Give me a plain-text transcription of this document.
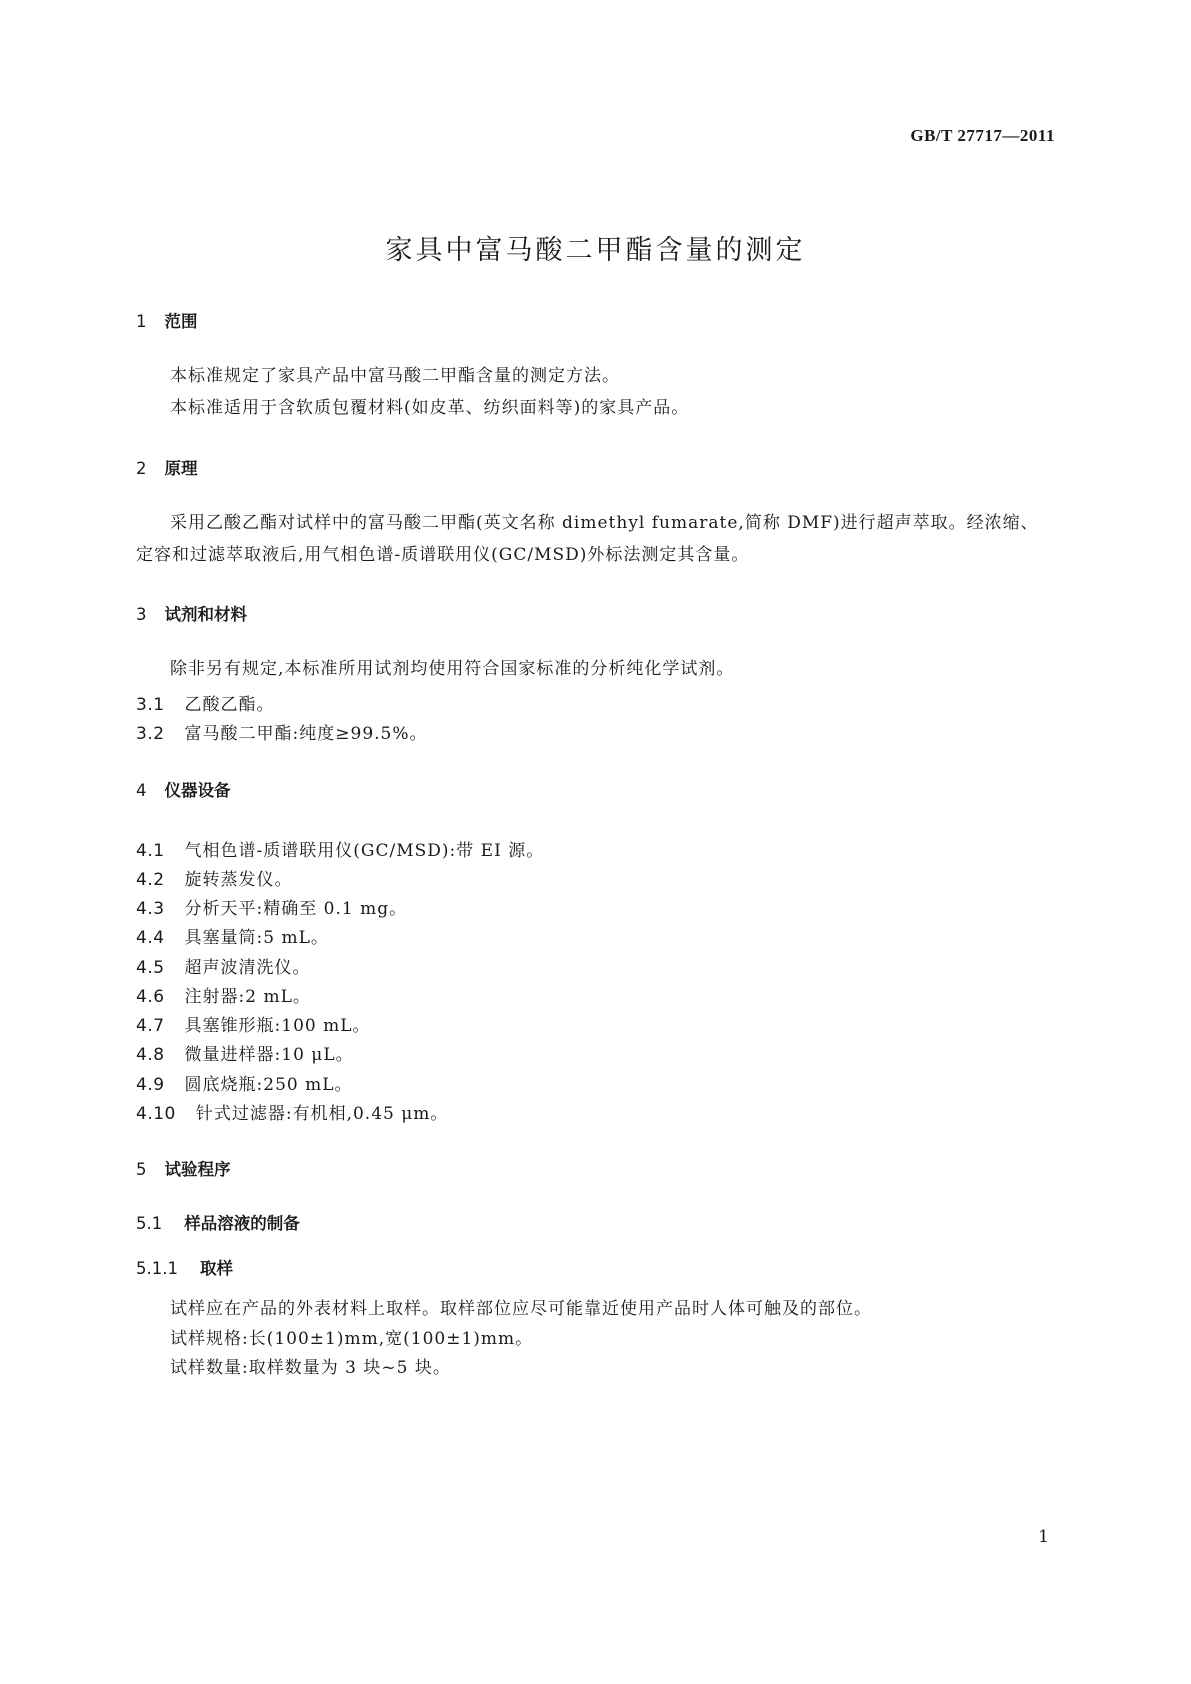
GB/T 27717—2011
家具中富马酸二甲酯含量的测定
1 范围

本标准规定了家具产品中富马酸二甲酯含量的测定方法。

本标准适用于含软质包覆材料(如皮革、纺织面料等)的家具产品。

2 原理

采用乙酸乙酯对试样中的富马酸二甲酯(英文名称 dimethyl fumarate,简称 DMF)进行超声萃取。经浓缩、定容和过滤萃取液后,用气相色谱-质谱联用仪(GC/MSD)外标法测定其含量。

3 试剂和材料

除非另有规定,本标准所用试剂均使用符合国家标准的分析纯化学试剂。

3.1 乙酸乙酯。
3.2 富马酸二甲酯:纯度≥99.5%。
4 仪器设备
4.1 气相色谱-质谱联用仪(GC/MSD):带 EI 源。
4.2 旋转蒸发仪。
4.3 分析天平:精确至 0.1 mg。
4.4 具塞量筒:5 mL。
4.5 超声波清洗仪。
4.6 注射器:2 mL。
4.7 具塞锥形瓶:100 mL。
4.8 微量进样器:10 μL。
4.9 圆底烧瓶:250 mL。
4.10 针式过滤器:有机相,0.45 μm。
5 试验程序
5.1 样品溶液的制备
5.1.1 取样

试样应在产品的外表材料上取样。取样部位应尽可能靠近使用产品时人体可触及的部位。

试样规格:长(100±1)mm,宽(100±1)mm。

试样数量:取样数量为 3 块~5 块。

1
